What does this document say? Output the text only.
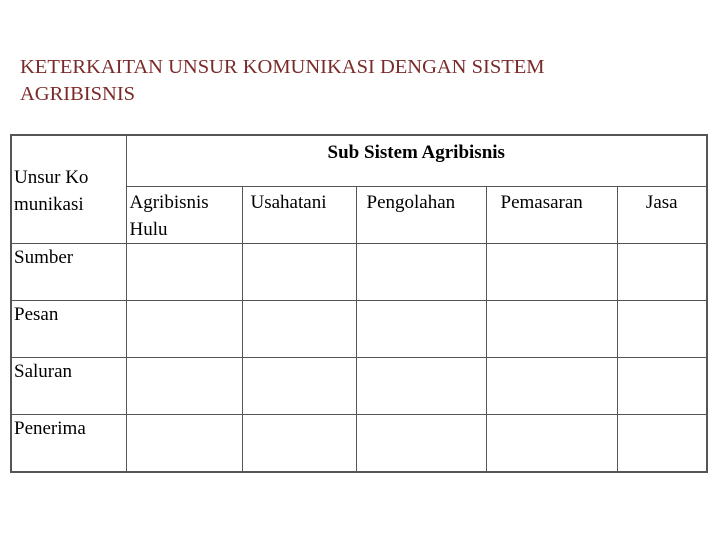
KETERKAITAN UNSUR KOMUNIKASI DENGAN SISTEM
AGRIBISNIS
Unsur Ko munikasi	Sub Sistem Agribisnis				

	Agribisnis Hulu	Usahatani	Pengolahan	Pemasaran	Jasa

Sumber					

Pesan					

Saluran					

Penerima					
